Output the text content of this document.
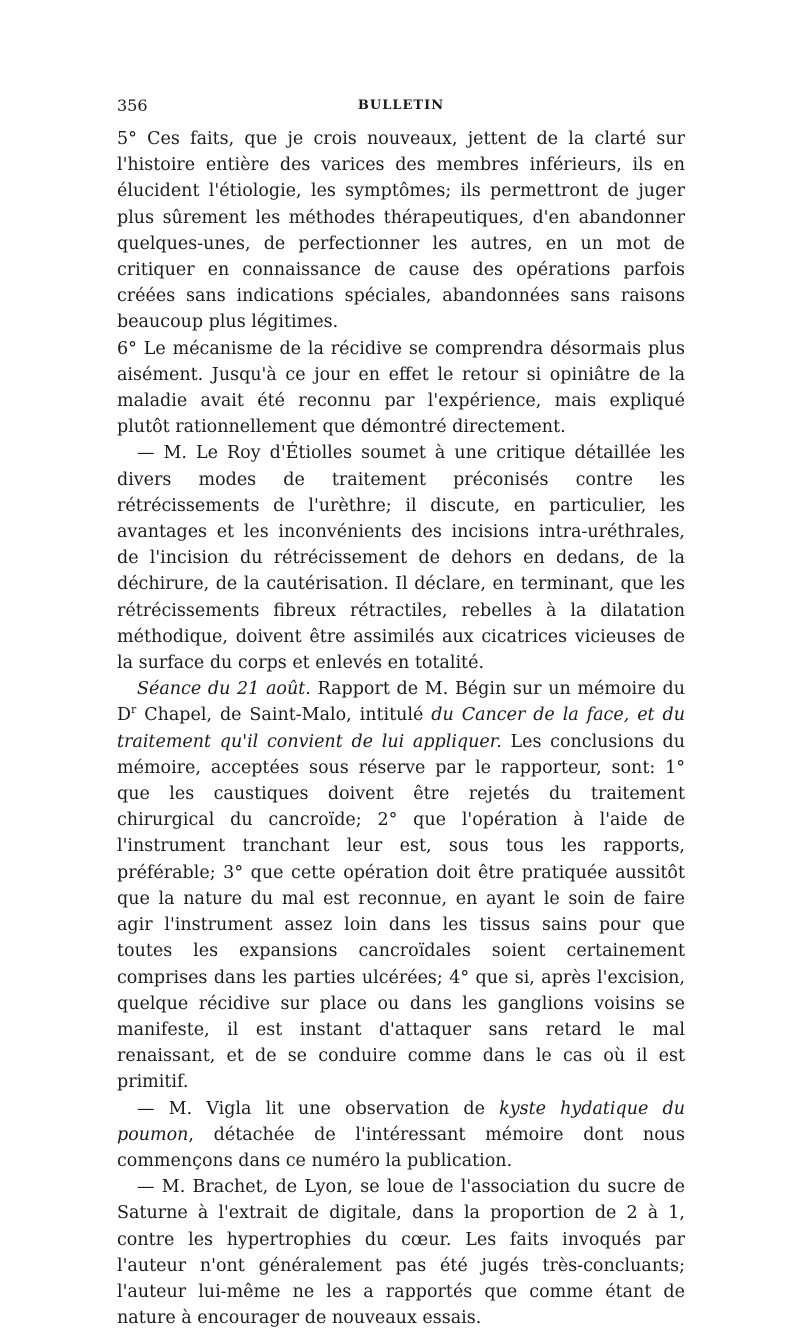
356	BULLETIN

5° Ces faits, que je crois nouveaux, jettent de la clarté sur l'histoire entière des varices des membres inférieurs, ils en élucident l'étiologie, les symptômes; ils permettront de juger plus sûrement les méthodes thérapeutiques, d'en abandonner quelques-unes, de perfectionner les autres, en un mot de critiquer en connaissance de cause des opérations parfois créées sans indications spéciales, abandonnées sans raisons beaucoup plus légitimes.

6° Le mécanisme de la récidive se comprendra désormais plus aisément. Jusqu'à ce jour en effet le retour si opiniâtre de la maladie avait été reconnu par l'expérience, mais expliqué plutôt rationnellement que démontré directement.

— M. Le Roy d'Étiolles soumet à une critique détaillée les divers modes de traitement préconisés contre les rétrécissements de l'urèthre; il discute, en particulier, les avantages et les inconvénients des incisions intra-uréthrales, de l'incision du rétrécissement de dehors en dedans, de la déchirure, de la cautérisation. Il déclare, en terminant, que les rétrécissements fibreux rétractiles, rebelles à la dilatation méthodique, doivent être assimilés aux cicatrices vicieuses de la surface du corps et enlevés en totalité.

Séance du 21 août. Rapport de M. Bégin sur un mémoire du $D^r$ Chapel, de Saint-Malo, intitulé du Cancer de la face, et du traitement qu'il convient de lui appliquer. Les conclusions du mémoire, acceptées sous réserve par le rapporteur, sont: 1° que les caustiques doivent être rejetés du traitement chirurgical du cancroïde; 2° que l'opération à l'aide de l'instrument tranchant leur est, sous tous les rapports, préférable; 3° que cette opération doit être pratiquée aussitôt que la nature du mal est reconnue, en ayant le soin de faire agir l'instrument assez loin dans les tissus sains pour que toutes les expansions cancroïdales soient certainement comprises dans les parties ulcérées; 4° que si, après l'excision, quelque récidive sur place ou dans les ganglions voisins se manifeste, il est instant d'attaquer sans retard le mal renaissant, et de se conduire comme dans le cas où il est primitif.

— M. Vigla lit une observation de kyste hydatique du poumon, détachée de l'intéressant mémoire dont nous commençons dans ce numéro la publication.

— M. Brachet, de Lyon, se loue de l'association du sucre de Saturne à l'extrait de digitale, dans la proportion de 2 à 1, contre les hypertrophies du cœur. Les faits invoqués par l'auteur n'ont généralement pas été jugés très-concluants; l'auteur lui-même ne les a rapportés que comme étant de nature à encourager de nouveaux essais.
